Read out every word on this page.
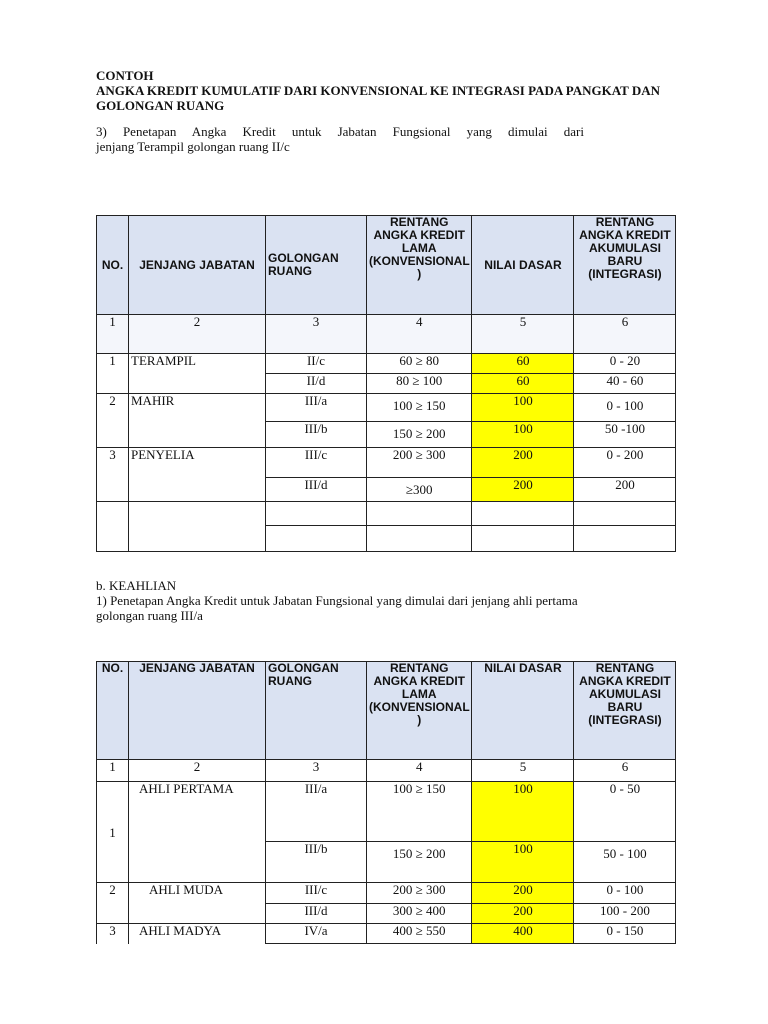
CONTOH
ANGKA KREDIT KUMULATIF DARI KONVENSIONAL KE INTEGRASI PADA PANGKAT DAN
GOLONGAN RUANG
3) Penetapan Angka Kredit untuk Jabatan Fungsional yang dimulai dari
jenjang Terampil golongan ruang II/c
NO.	JENJANG JABATAN	GOLONGAN RUANG	RENTANG ANGKA KREDIT LAMA (KONVENSIONAL )	NILAI DASAR	RENTANG ANGKA KREDIT AKUMULASI BARU (INTEGRASI)
1	2	3	4	5	6
1	TERAMPIL	II/c	60 ≥ 80	60	0 - 20
		II/d	80 ≥ 100	60	40 - 60
2	MAHIR	III/a	100 ≥ 150	100	0 - 100
		III/b	150 ≥ 200	100	50 -100
3	PENYELIA	III/c	200 ≥ 300	200	0 - 200
		III/d	≥300	200	200

b. KEAHLIAN
1) Penetapan Angka Kredit untuk Jabatan Fungsional yang dimulai dari jenjang ahli pertama
golongan ruang III/a
NO.	JENJANG JABATAN	GOLONGAN RUANG	RENTANG ANGKA KREDIT LAMA (KONVENSIONAL )	NILAI DASAR	RENTANG ANGKA KREDIT AKUMULASI BARU (INTEGRASI)
1	2	3	4	5	6
1	AHLI PERTAMA	III/a	100 ≥ 150	100	0 - 50
		III/b	150 ≥ 200	100	50 - 100
2	AHLI MUDA	III/c	200 ≥ 300	200	0 - 100
		III/d	300 ≥ 400	200	100 - 200
3	AHLI MADYA	IV/a	400 ≥ 550	400	0 - 150
